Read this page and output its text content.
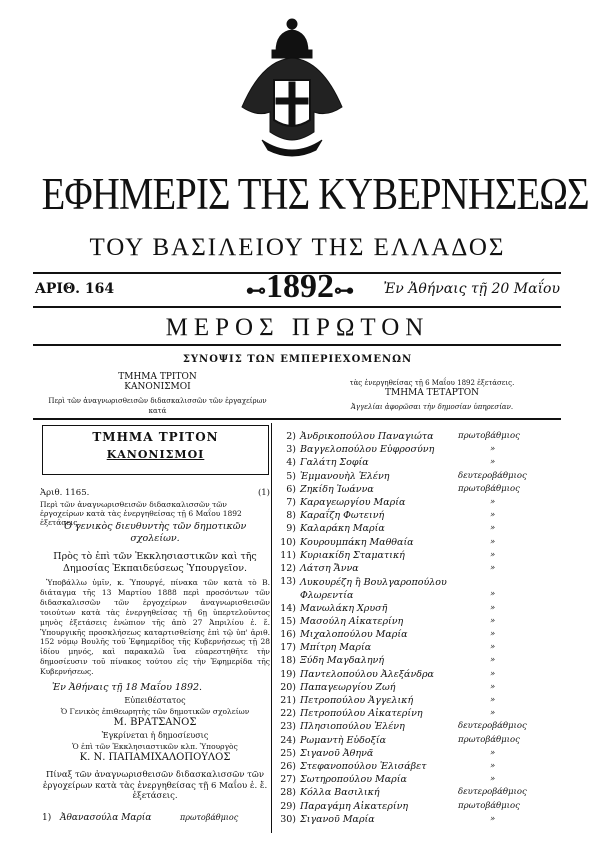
ΕΦΗΜΕΡΙΣ ΤΗΣ ΚΥΒΕΡΝΗΣΕΩΣ
ΤΟΥ ΒΑΣΙΛΕΙΟΥ ΤΗΣ ΕΛΛΑΔΟΣ
ΑΡΙΘ. 164	⊷1892⊶	Ἐν Ἀθήναις τῇ 20 Μαΐου
ΜΕΡΟΣ ΠΡΩΤΟΝ
ΣΥΝΟΨΙΣ ΤΩΝ ΕΜΠΕΡΙΕΧΟΜΕΝΩΝ
ΤΜΗΜΑ ΤΡΙΤΟΝ
ΚΑΝΟΝΙΣΜΟΙ
Περὶ τῶν ἀναγνωρισθεισῶν διδασκαλισσῶν τῶν ἐργαχείρων κατά
τὰς ἐνεργηθείσας τῇ 6 Μαΐου 1892 ἐξετάσεις.
ΤΜΗΜΑ ΤΕΤΑΡΤΟΝ
Ἀγγελίαι ἀφορῶσαι τὴν δημοσίαν ὑπηρεσίαν.
ΤΜΗΜΑ ΤΡΙΤΟΝ
ΚΑΝΟΝΙΣΜΟΙ
Ἀριθ. 1165.	(1)
Περὶ τῶν ἀναγνωρισθεισῶν διδασκαλισσῶν τῶν ἐργοχείρων κατὰ τὰς ἐνεργηθείσας τῇ 6 Μαΐου 1892 ἐξετάσεις.
Ὁ γενικὸς διευθυντὴς τῶν δημοτικῶν σχολείων.
Πρὸς τὸ ἐπὶ τῶν Ἐκκλησιαστικῶν καὶ τῆς Δημοσίας Ἐκπαιδεύσεως Ὑπουργεῖον.

Ὑποβάλλω ὑμῖν, κ. Ὑπουργέ, πίνακα τῶν κατὰ τὸ Β. διάταγμα τῆς 13 Μαρτίου 1888 περὶ προσόντων τῶν διδασκαλισσῶν τῶν ἐργοχείρων ἀναγνωρισθεισῶν τοιούτων κατὰ τὰς ἐνεργηθείσας τῇ 6ῃ ὑπερτελοῦντος μηνὸς ἐξετάσεις ἐνώπιον τῆς ἀπὸ 27 Ἀπριλίου ἐ. ἔ. Ὑπουργικῆς προσκλήσεως καταρτισθείσης ἐπὶ τῷ ὑπ' ἀριθ. 152 νόμῳ Βουλῆς τοῦ Ἐφημερίδος τῆς Κυβερνήσεως τῇ 28 ἰδίου μηνός, καὶ παρακαλῶ ἵνα εὐαρεστηθῆτε τὴν δημοσίευσιν τοῦ πίνακος τούτου εἰς τὴν Ἐφημερίδα τῆς Κυβερνήσεως.

Ἐν Ἀθήναις τῇ 18 Μαΐου 1892.
Εὐπειθέστατος
Ὁ Γενικὸς ἐπιθεωρητὴς τῶν δημοτικῶν σχολείων
Μ. ΒΡΑΤΣΑΝΟΣ
Ἐγκρίνεται ἡ δημοσίευσις
Ὁ ἐπὶ τῶν Ἐκκλησιαστικῶν κλπ. Ὑπουργὸς
Κ. Ν. ΠΑΠΑΜΙΧΑΛΟΠΟΥΛΟΣ
Πίναξ τῶν ἀναγνωρισθεισῶν διδασκαλισσῶν τῶν ἐργοχείρων κατὰ τὰς ἐνεργηθείσας τῇ 6 Μαΐου ἐ. ἔ. ἐξετάσεις.
1) Ἀθανασούλα Μαρία	πρωτοβάθμιος
2) Ἀνδρικοπούλου Παναγιώτα	πρωτοβάθμιος
3) Βαγγελοπούλου Εὐφροσύνη	»
4) Γαλάτη Σοφία	»
5) Ἐμμανουὴλ Ἑλένη	δευτεροβάθμιος
6) Ζηκίδη Ἰωάννα	πρωτοβάθμιος
7) Καραγεωργίου Μαρία	»
8) Καραΐζη Φωτεινή	»
9) Καλαράκη Μαρία	»
10) Κουρουμπάκη Μαθθαία	»
11) Κυριακίδη Σταματική	»
12) Λάτση Ἄννα	»
13) Λυκουρέζη ἢ Βουλγαροπούλου Φλωρεντία	»
14) Μανωλάκη Χρυσῆ	»
15) Μασούλη Αἰκατερίνη	»
16) Μιχαλοπούλου Μαρία	»
17) Μπίτρη Μαρία	»
18) Ξύδη Μαγδαληνή	»
19) Παντελοπούλου Ἀλεξάνδρα	»
20) Παπαγεωργίου Ζωή	»
21) Πετροπούλου Ἀγγελική	»
22) Πετροπούλου Αἰκατερίνη	»
23) Πλησιοπούλου Ἑλένη	δευτεροβάθμιος
24) Ρωμαντὴ Εὐδοξία	πρωτοβάθμιος
25) Σιγανοῦ Ἀθηνᾶ	»
26) Στεφανοπούλου Ἐλισάβετ	»
27) Σωτηροπούλου Μαρία	»
28) Κόλλα Βασιλική	δευτεροβάθμιος
29) Παραγάμη Αἰκατερίνη	πρωτοβάθμιος
30) Σιγανοῦ Μαρία	»
